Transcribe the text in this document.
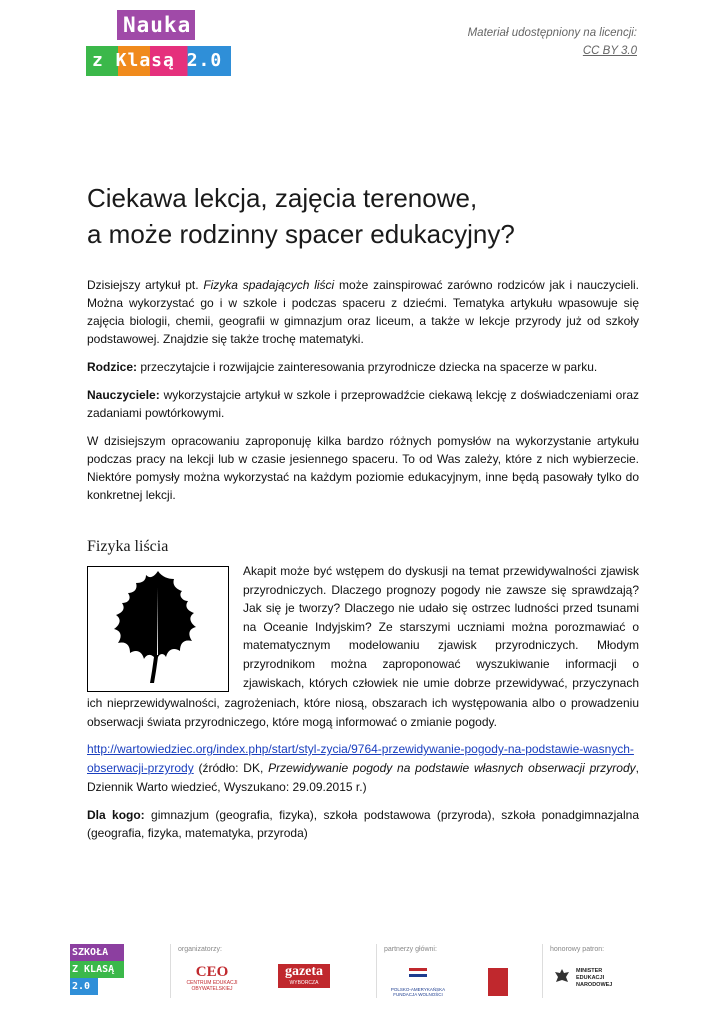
Nauka
z Klasą 2.0
Materiał udostępniony na licencji:
CC BY 3.0
Ciekawa lekcja, zajęcia terenowe,
a może rodzinny spacer edukacyjny?

Dzisiejszy artykuł pt. Fizyka spadających liści może zainspirować zarówno rodziców jak i nauczycieli. Można wykorzystać go i w szkole i podczas spaceru z dziećmi. Tematyka artykułu wpasowuje się zajęcia biologii, chemii, geografii w gimnazjum oraz liceum, a także w lekcje przyrody już od szkoły podstawowej. Znajdzie się także trochę matematyki.

Rodzice: przeczytajcie i rozwijajcie zainteresowania przyrodnicze dziecka na spacerze w parku.

Nauczyciele: wykorzystajcie artykuł w szkole i przeprowadźcie ciekawą lekcję z doświadczeniami oraz zadaniami powtórkowymi.

W dzisiejszym opracowaniu zaproponuję kilka bardzo różnych pomysłów na wykorzystanie artykułu podczas pracy na lekcji lub w czasie jesiennego spaceru. To od Was zależy, które z nich wybierzecie. Niektóre pomysły można wykorzystać na każdym poziomie edukacyjnym, inne będą pasowały tylko do konkretnej lekcji.

Fizyka liścia
Akapit może być wstępem do dyskusji na temat przewidywalności zjawisk
przyrodniczych. Dlaczego prognozy pogody nie zawsze się sprawdzają?
Jak się je tworzy? Dlaczego nie udało się ostrzec ludności przed tsunami
na Oceanie Indyjskim? Ze starszymi uczniami można porozmawiać o
matematycznym modelowaniu zjawisk przyrodniczych. Młodym
przyrodnikom można zaproponować wyszukiwanie informacji o
zjawiskach, których człowiek nie umie dobrze przewidywać, przyczynach

ich nieprzewidywalności, zagrożeniach, które niosą, obszarach ich występowania albo o prowadzeniu obserwacji świata przyrodniczego, które mogą informować o zmianie pogody.

http://wartowiedziec.org/index.php/start/styl-zycia/9764-przewidywanie-pogody-na-podstawie-wasnych-obserwacji-przyrody (źródło: DK, Przewidywanie pogody na podstawie własnych obserwacji przyrody, Dziennik Warto wiedzieć, Wyszukano: 29.09.2015 r.)

Dla kogo: gimnazjum (geografia, fizyka), szkoła podstawowa (przyroda), szkoła ponadgimnazjalna (geografia, fizyka, matematyka, przyroda)

SZKOŁA
Z KLASĄ
2.0
organizatorzy:
CEO
CENTRUM EDUKACJI OBYWATELSKIEJ
gazeta
WYBORCZA
partnerzy główni:
POLSKO-AMERYKAŃSKA FUNDACJA WOLNOŚCI
honorowy patron:
MINISTER EDUKACJI NARODOWEJ
